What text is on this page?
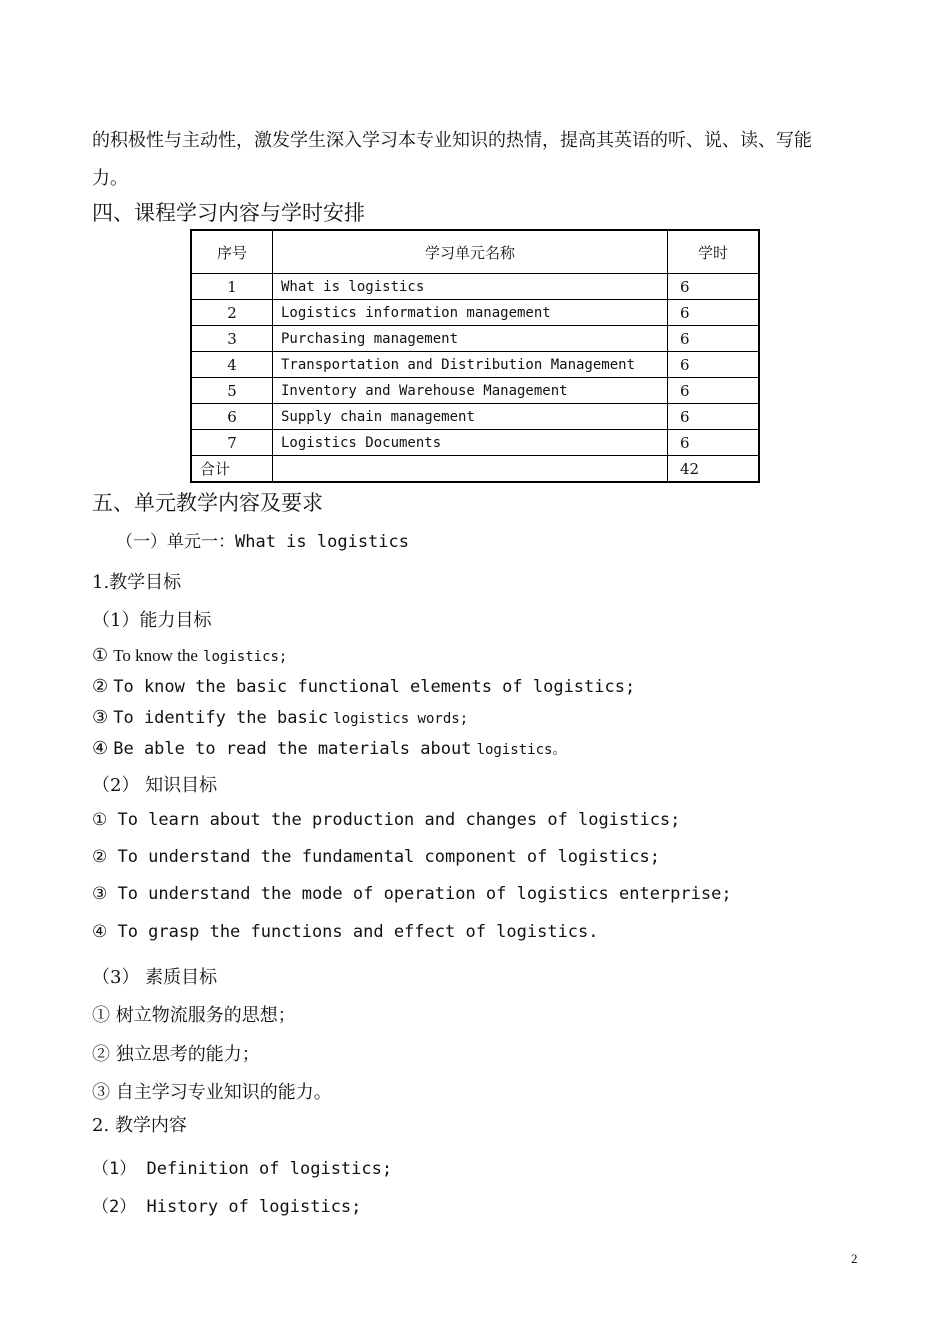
的积极性与主动性，激发学生深入学习本专业知识的热情，提高其英语的听、说、读、写能
力。
四、课程学习内容与学时安排
序号	学习单元名称	学时
1	What is logistics	6
2	Logistics information management	6
3	Purchasing management	6
4	Transportation and Distribution Management	6
5	Inventory and Warehouse Management	6
6	Supply chain management	6
7	Logistics Documents	6
合计		42
五、单元教学内容及要求
（一）单元一：What is logistics
1.教学目标
（1）能力目标
① To know the logistics;
② To know the basic functional elements of logistics;
③ To identify the basic logistics words;
④ Be able to read the materials about logistics。
（2） 知识目标
① To learn about the production and changes of logistics;
② To understand the fundamental component of logistics;
③ To understand the mode of operation of logistics enterprise;
④ To grasp the functions and effect of logistics.
（3） 素质目标
① 树立物流服务的思想；
② 独立思考的能力；
③ 自主学习专业知识的能力。
2. 教学内容
（1） Definition of logistics;
（2） History of logistics;
2
